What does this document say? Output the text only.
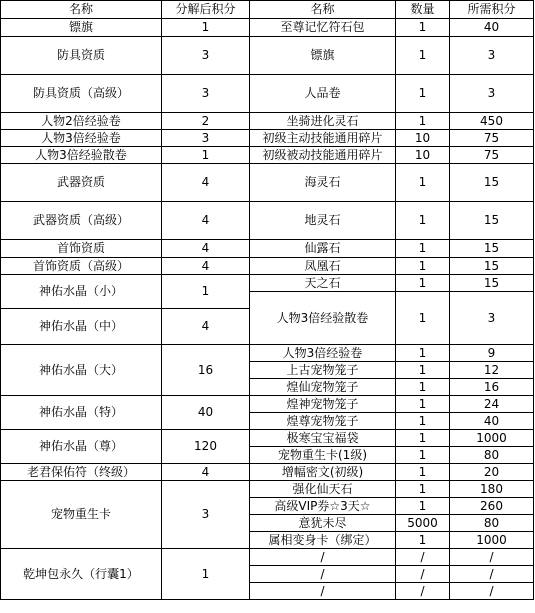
名称	分解后积分	名称	数量	所需积分
镖旗	1	至尊记忆符石包	1	40
防具资质	3	镖旗	1	3
防具资质（高级）	3	人品卷	1	3
人物2倍经验卷	2	坐骑进化灵石	1	450
人物3倍经验卷	3	初级主动技能通用碎片	10	75
人物3倍经验散卷	1	初级被动技能通用碎片	10	75
武器资质	4	海灵石	1	15
武器资质（高级）	4	地灵石	1	15
首饰资质	4	仙露石	1	15
首饰资质（高级）	4	凤凰石	1	15
神佑水晶（小）	1	天之石	1	15
		人物3倍经验散卷	1	3
神佑水晶（中）	4			

神佑水晶（大）	16	人物3倍经验卷	1	9
		上古宠物笼子	1	12
		煌仙宠物笼子	1	16
神佑水晶（特）	40	煌神宠物笼子	1	24
		煌尊宠物笼子	1	40
神佑水晶（尊）	120	极寒宝宝福袋	1	1000
		宠物重生卡(1级)	1	80
老君保佑符（终级）	4	增幅密文(初级)	1	20
宠物重生卡	3	强化仙天石	1	180
		高级VIP券☆3天☆	1	260
		意犹未尽	5000	80
		属相变身卡（绑定）	1	1000
乾坤包永久（行囊1）	1	/	/	/
		/	/	/
		/	/	/
